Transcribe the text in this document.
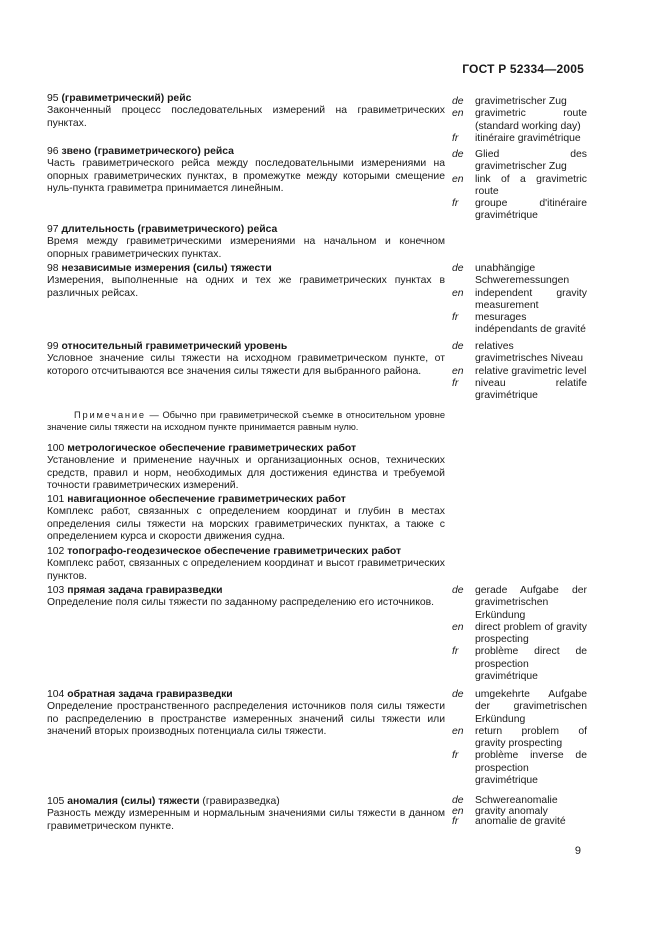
ГОСТ Р 52334—2005
95 (гравиметрический) рейс
Законченный процесс последовательных измерений на гравиметрических пунктах.
de gravimetrischer Zug
en gravimetric route (standard working day)
fr itinéraire gravimétrique
96 звено (гравиметрического) рейса
Часть гравиметрического рейса между последовательными измерениями на опорных гравиметрических пунктах, в промежутке между которыми смещение нуль-пункта гравиметра принимается линейным.
de Glied des gravimetrischer Zug
en link of a gravimetric route
fr groupe d'itinéraire gravimétrique
97 длительность (гравиметрического) рейса
Время между гравиметрическими измерениями на начальном и конечном опорных гравиметрических пунктах.
98 независимые измерения (силы) тяжести
Измерения, выполненные на одних и тех же гравиметрических пунктах в различных рейсах.
de unabhängige Schweremessungen
en independent gravity measurement
fr mesurages indépendants de gravité
99 относительный гравиметрический уровень
Условное значение силы тяжести на исходном гравиметрическом пункте, от которого отсчитываются все значения силы тяжести для выбранного района.
de relatives gravimetrisches Niveau
en relative gravimetric level
fr niveau relatife gravimétrique
Примечание — Обычно при гравиметрической съемке в относительном уровне значение силы тяжести на исходном пункте принимается равным нулю.
100 метрологическое обеспечение гравиметрических работ
Установление и применение научных и организационных основ, технических средств, правил и норм, необходимых для достижения единства и требуемой точности гравиметрических измерений.
101 навигационное обеспечение гравиметрических работ
Комплекс работ, связанных с определением координат и глубин в местах определения силы тяжести на морских гравиметрических пунктах, а также с определением курса и скорости движения судна.
102 топографо-геодезическое обеспечение гравиметрических работ
Комплекс работ, связанных с определением координат и высот гравиметрических пунктов.
103 прямая задача гравиразведки
Определение поля силы тяжести по заданному распределению его источников.
de gerade Aufgabe der gravimetrischen Erkündung
en direct problem of gravity prospecting
fr problème direct de prospection gravimétrique
104 обратная задача гравиразведки
Определение пространственного распределения источников поля силы тяжести по распределению в пространстве измеренных значений силы тяжести или значений вторых производных потенциала силы тяжести.
de umgekehrte Aufgabe der gravimetrischen Erkündung
en return problem of gravity prospecting
fr problème inverse de prospection gravimétrique
105 аномалия (силы) тяжести (гравиразведка)
Разность между измеренным и нормальным значениями силы тяжести в данном гравиметрическом пункте.
de Schwereanomalie
en gravity anomaly
fr anomalie de gravité
9
